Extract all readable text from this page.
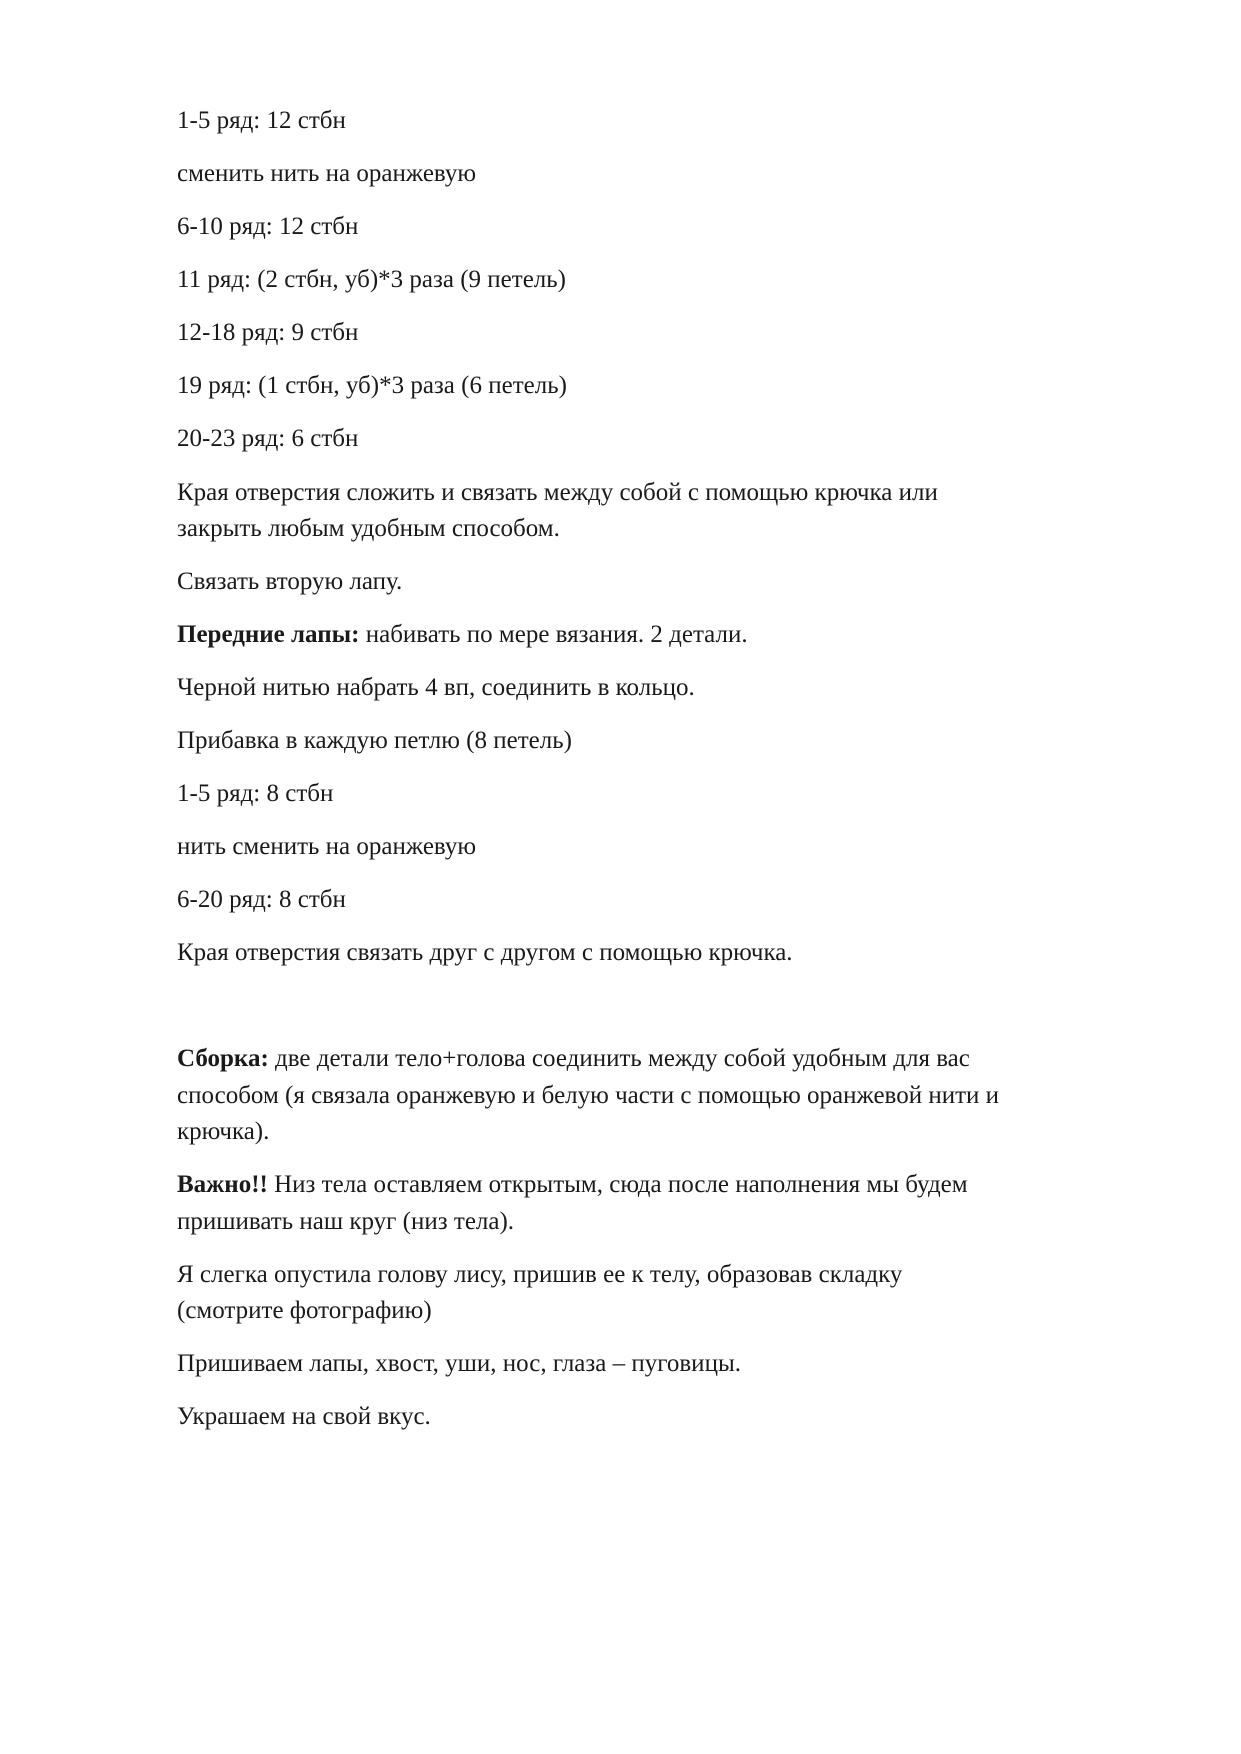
1-5 ряд: 12 стбн

сменить нить на оранжевую

6-10 ряд: 12 стбн

11 ряд: (2 стбн, уб)*3 раза (9 петель)

12-18 ряд: 9 стбн

19 ряд: (1 стбн, уб)*3 раза (6 петель)

20-23 ряд: 6 стбн

Края отверстия сложить и связать между собой с помощью крючка или

закрыть любым удобным способом.

Связать вторую лапу.

Передние лапы: набивать по мере вязания. 2 детали.

Черной нитью набрать 4 вп, соединить в кольцо.

Прибавка в каждую петлю (8 петель)

1-5 ряд: 8 стбн

нить сменить на оранжевую

6-20 ряд: 8 стбн

Края отверстия связать друг с другом с помощью крючка.

Сборка: две детали тело+голова соединить между собой удобным для вас

способом (я связала оранжевую и белую части с помощью оранжевой нити и

крючка).

Важно!! Низ тела оставляем открытым, сюда после наполнения мы будем

пришивать наш круг (низ тела).

Я слегка опустила голову лису, пришив ее к телу, образовав складку

(смотрите фотографию)

Пришиваем лапы, хвост, уши, нос, глаза – пуговицы.

Украшаем на свой вкус.
